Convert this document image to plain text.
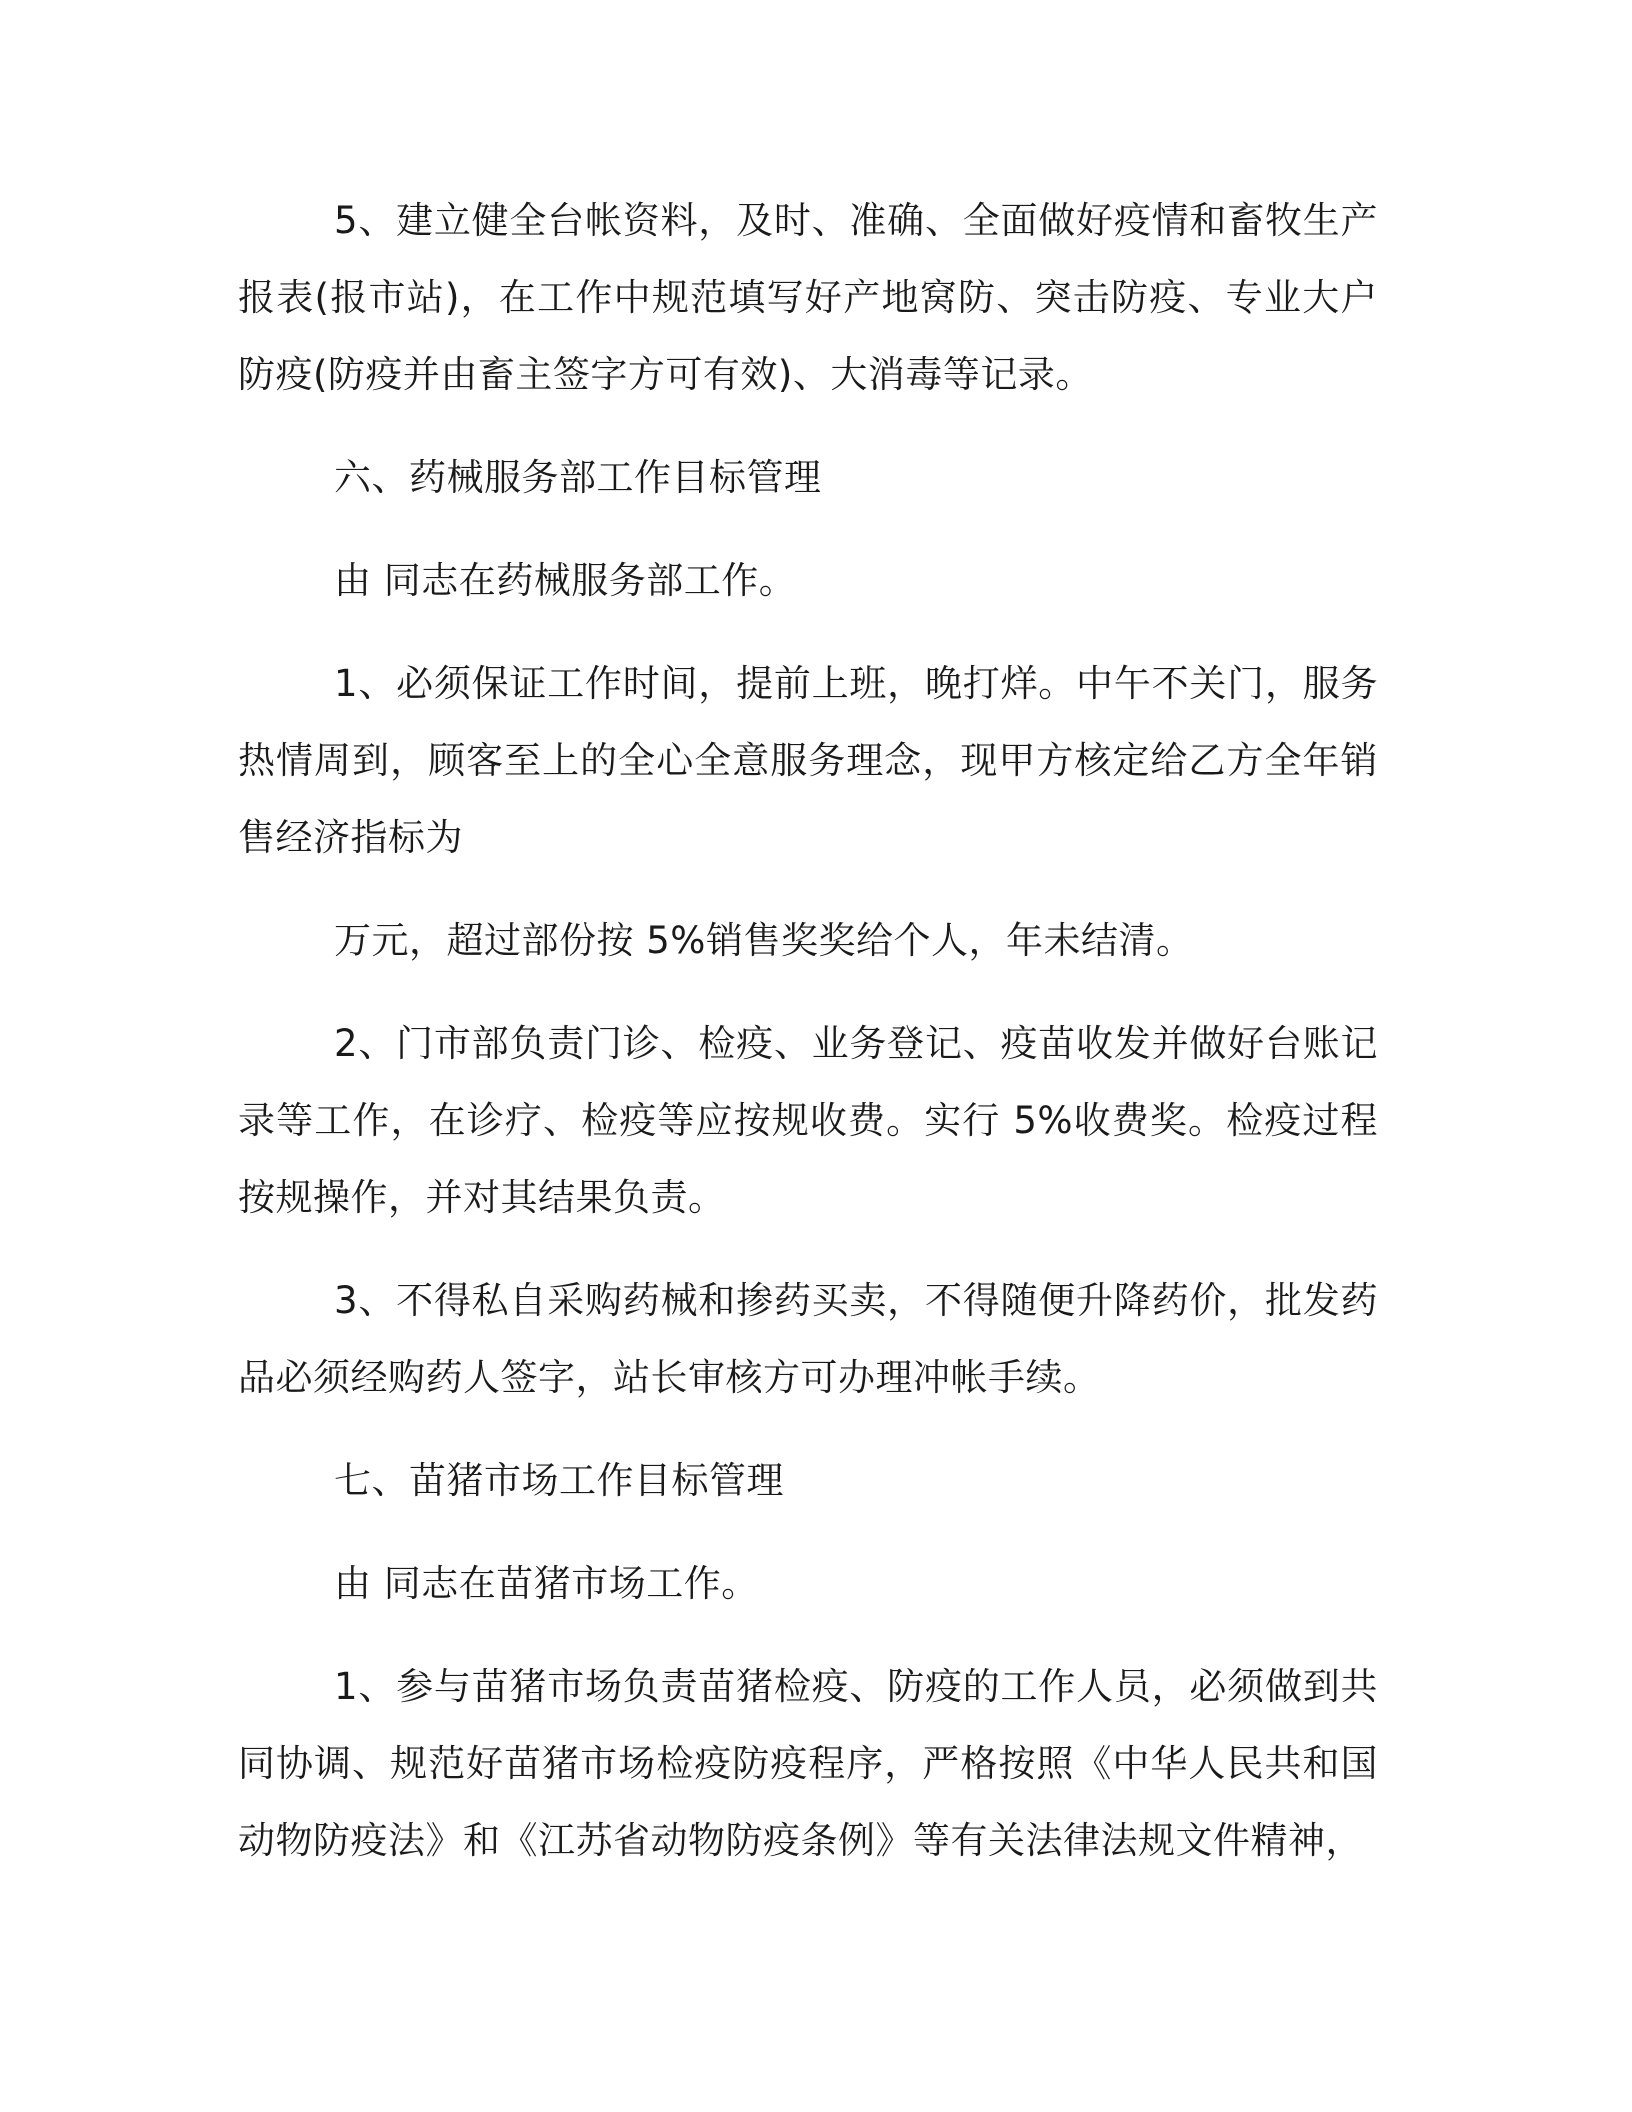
5、建立健全台帐资料，及时、准确、全面做好疫情和畜牧生产报表(报市站)，在工作中规范填写好产地窝防、突击防疫、专业大户防疫(防疫并由畜主签字方可有效)、大消毒等记录。

六、药械服务部工作目标管理

由 同志在药械服务部工作。

1、必须保证工作时间，提前上班，晚打烊。中午不关门，服务热情周到，顾客至上的全心全意服务理念，现甲方核定给乙方全年销售经济指标为

万元，超过部份按 5%销售奖奖给个人，年未结清。

2、门市部负责门诊、检疫、业务登记、疫苗收发并做好台账记录等工作，在诊疗、检疫等应按规收费。实行 5%收费奖。检疫过程按规操作，并对其结果负责。

3、不得私自采购药械和掺药买卖，不得随便升降药价，批发药品必须经购药人签字，站长审核方可办理冲帐手续。

七、苗猪市场工作目标管理

由 同志在苗猪市场工作。

1、参与苗猪市场负责苗猪检疫、防疫的工作人员，必须做到共同协调、规范好苗猪市场检疫防疫程序，严格按照《中华人民共和国动物防疫法》和《江苏省动物防疫条例》等有关法律法规文件精神，
